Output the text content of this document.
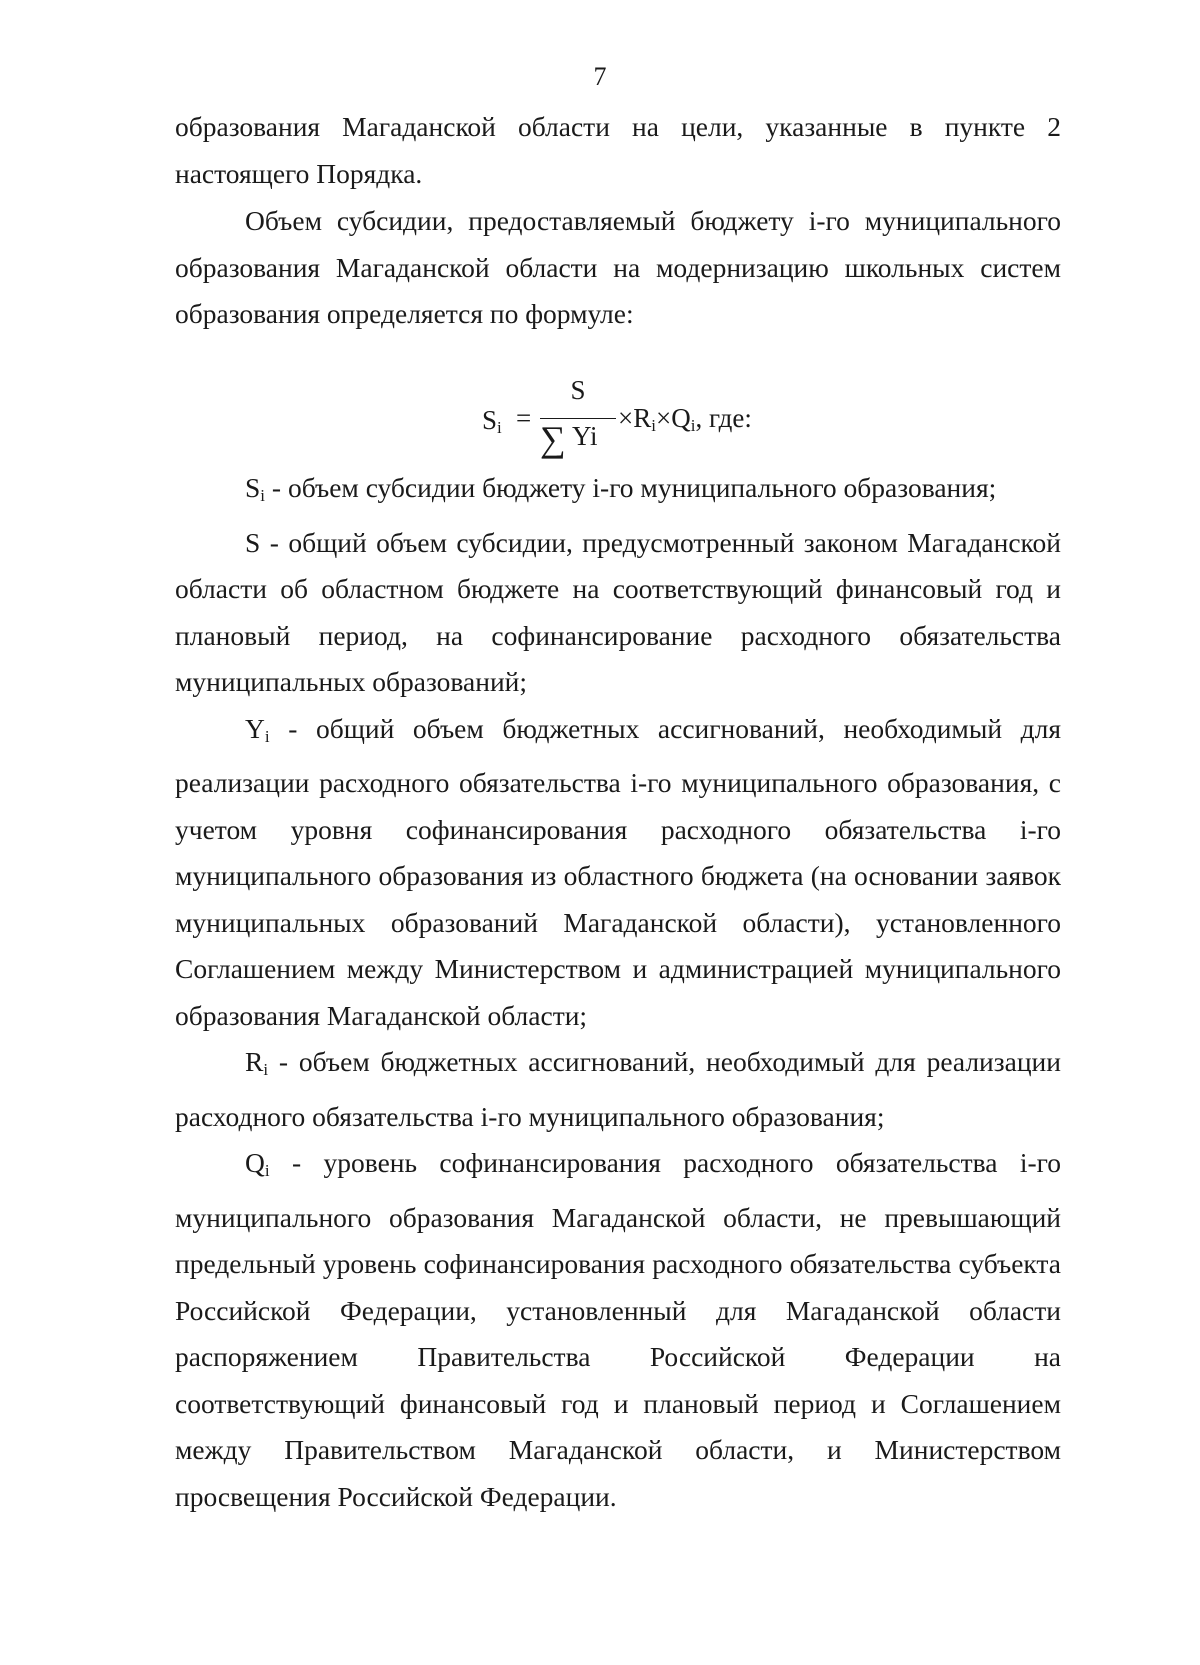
7

образования Магаданской области на цели, указанные в пункте 2 настоящего Порядка.

Объем субсидии, предоставляемый бюджету i-го муниципального образования Магаданской области на модернизацию школьных систем образования определяется по формуле:

$S_i$ =
S
∑ Yi
$\times R_i\times Q_i$, где:

$S_i$ - объем субсидии бюджету i-го муниципального образования;

S - общий объем субсидии, предусмотренный законом Магаданской области об областном бюджете на соответствующий финансовый год и плановый период, на софинансирование расходного обязательства муниципальных образований;

$Y_i$ - общий объем бюджетных ассигнований, необходимый для реализации расходного обязательства i-го муниципального образования, с учетом уровня софинансирования расходного обязательства i-го муниципального образования из областного бюджета (на основании заявок муниципальных образований Магаданской области), установленного Соглашением между Министерством и администрацией муниципального образования Магаданской области;

$R_i$ - объем бюджетных ассигнований, необходимый для реализации расходного обязательства i-го муниципального образования;

$Q_i$ - уровень софинансирования расходного обязательства i-го муниципального образования Магаданской области, не превышающий предельный уровень софинансирования расходного обязательства субъекта Российской Федерации, установленный для Магаданской области распоряжением Правительства Российской Федерации на соответствующий финансовый год и плановый период и Соглашением между Правительством Магаданской области, и Министерством просвещения Российской Федерации.
